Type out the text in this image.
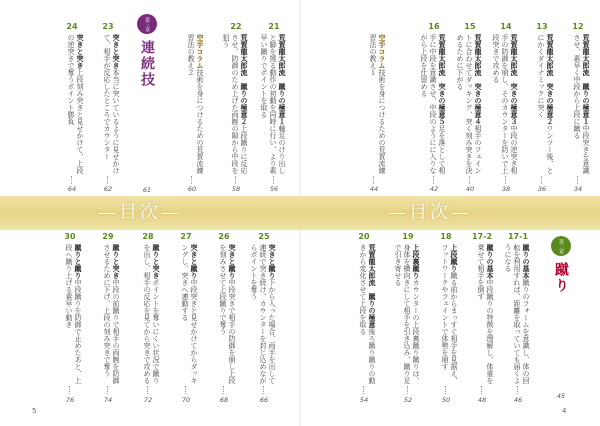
—目次—	—目次—
第三章
連続技
61
第二章
蹴り
45
12
荒賀龍太郎流　蹴りの極意１中段突きを意識させ、素早く中段から上段に蹴る
34
13
荒賀龍太郎流　突きの極意２ワンツー後、とにかくダイナミックに突く
36
14
荒賀龍太郎流　突きの極意３中段の逆突き相手の防御を崩し、そのカウンターを防いで上段突きで攻める
38
15
荒賀龍太郎流　突きの極意４相手のフェイントに合わせてダッキング、突く刻み突きを決めるために下がる
40
16
荒賀龍太郎流　突きの極意５足を落として相手に中段を意識させ、中段のようにに入りながら上段を仕留める
42
空手コラム技術を身につけるための荒賀流練習法の教え１
44
21
荒賀龍太郎流　蹴りの極意１軸足のけり出しと脚を撓る動作の初動を同時に行い、より素早い蹴りでポイントを取る
56
22
荒賀龍太郎流　蹴りの極意２上段蹴りに反応させ、防御のため上げた両腕の隙から中段を狙う
58
空手コラム技術を身につけるための荒賀流練習法の教え２
60
23
突きと突き本当に突いているように見せかけて、相手が反応したところでカウンター
62
24
突きと突き上段刻み突きと見せかけて、上段の逆突きで奪うポイント勝負
64
17-1
蹴りの基本蹴りのフォームを意識し、体の回転を利用すれば、距離を取っていても届くようになる
46
17-2
蹴りの基本中段蹴りの特徴を理解し、体重を乗せて相手を倒す
48
18
上段蹴り蹴る前からまっすぐ相手を見据え、フットワークやフェイントで体勢を崩す
50
19
上段裏蹴りカウンターの上段裏蹴り蹴りは、身体を横向きにして相手を引き込み、蹴り足で引き寄せる
52
20
荒賀龍太郎流　蹴りの極意後ろ蹴り蹴りの動きから変化させて上段を取る
54
25
突きと蹴り下から入った場合、両手を出して連続で突き続け、カウンターを封じ込めながらポイントを奪う
66
26
突きと蹴り中段突きで相手の防御を崩し上段を刻みさせて上段蹴りで奪う
68
27
突きと蹴り中段突きと見せかけてからダッキングし、突きへ連動する
70
28
蹴りと突きポイントを奪いにくい状況で蹴りを出し、相手の反応を見てから突きで攻める
72
29
蹴りと突き中段の前蹴りで相手の両腕を防御させるために下げ、上段の刻み突きで奪う
74
30
蹴りと蹴り中段蹴りを防御で止めたあと、上段へ蹴り上げる素早い動き
76
5	4
